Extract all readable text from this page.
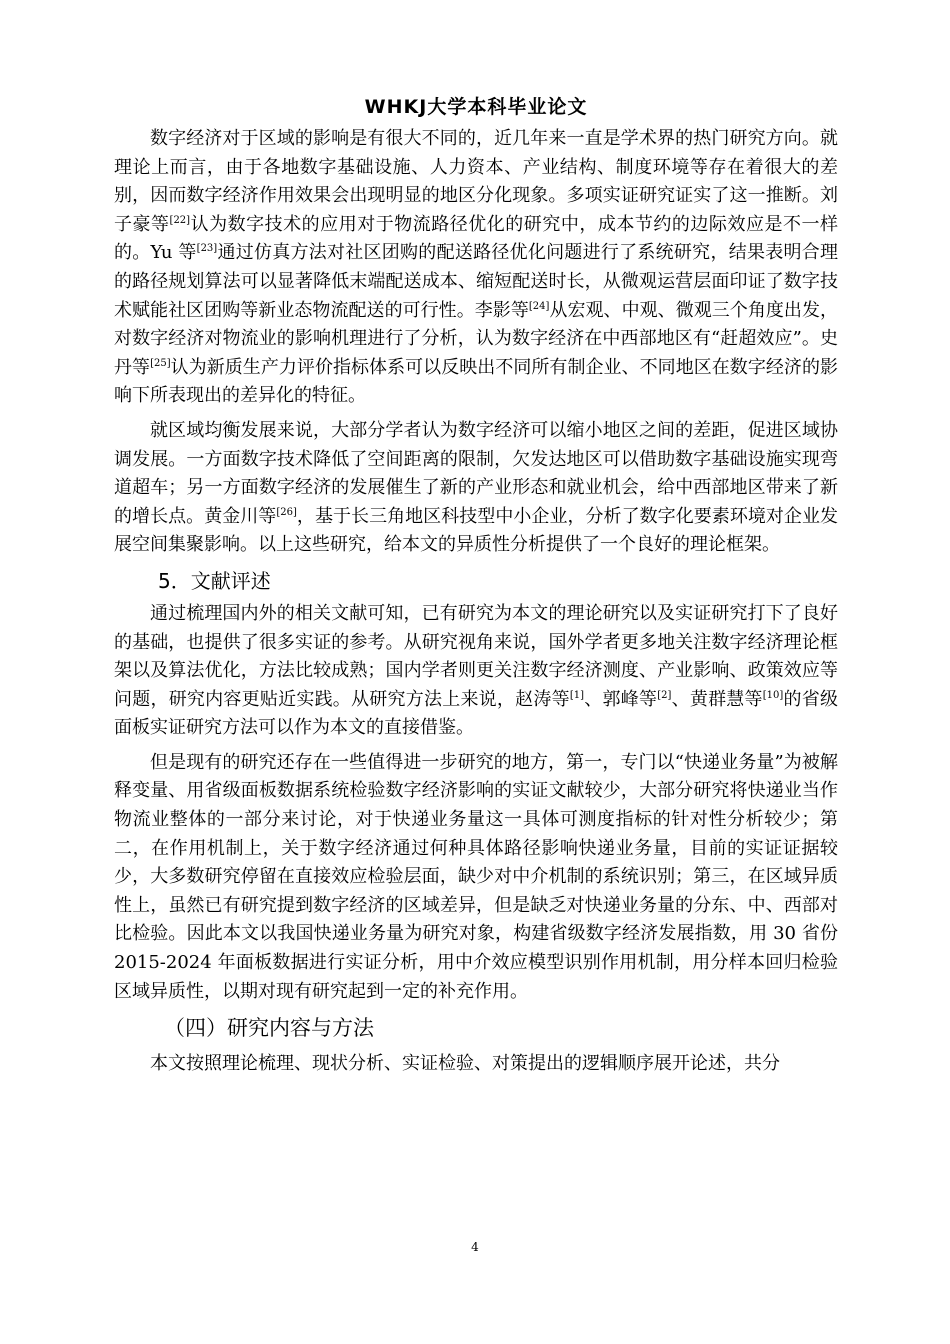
WHKJ大学本科毕业论文

数字经济对于区域的影响是有很大不同的，近几年来一直是学术界的热门研究方向。就理论上而言，由于各地数字基础设施、人力资本、产业结构、制度环境等存在着很大的差别，因而数字经济作用效果会出现明显的地区分化现象。多项实证研究证实了这一推断。刘子豪等[22]认为数字技术的应用对于物流路径优化的研究中，成本节约的边际效应是不一样的。Yu 等[23]通过仿真方法对社区团购的配送路径优化问题进行了系统研究，结果表明合理的路径规划算法可以显著降低末端配送成本、缩短配送时长，从微观运营层面印证了数字技术赋能社区团购等新业态物流配送的可行性。李影等[24]从宏观、中观、微观三个角度出发，对数字经济对物流业的影响机理进行了分析，认为数字经济在中西部地区有“赶超效应”。史丹等[25]认为新质生产力评价指标体系可以反映出不同所有制企业、不同地区在数字经济的影响下所表现出的差异化的特征。

就区域均衡发展来说，大部分学者认为数字经济可以缩小地区之间的差距，促进区域协调发展。一方面数字技术降低了空间距离的限制，欠发达地区可以借助数字基础设施实现弯道超车；另一方面数字经济的发展催生了新的产业形态和就业机会，给中西部地区带来了新的增长点。黄金川等[26]，基于长三角地区科技型中小企业，分析了数字化要素环境对企业发展空间集聚影响。以上这些研究，给本文的异质性分析提供了一个良好的理论框架。

5．文献评述

通过梳理国内外的相关文献可知，已有研究为本文的理论研究以及实证研究打下了良好的基础，也提供了很多实证的参考。从研究视角来说，国外学者更多地关注数字经济理论框架以及算法优化，方法比较成熟；国内学者则更关注数字经济测度、产业影响、政策效应等问题，研究内容更贴近实践。从研究方法上来说，赵涛等[1]、郭峰等[2]、黄群慧等[10]的省级面板实证研究方法可以作为本文的直接借鉴。

但是现有的研究还存在一些值得进一步研究的地方，第一，专门以“快递业务量”为被解释变量、用省级面板数据系统检验数字经济影响的实证文献较少，大部分研究将快递业当作物流业整体的一部分来讨论，对于快递业务量这一具体可测度指标的针对性分析较少；第二，在作用机制上，关于数字经济通过何种具体路径影响快递业务量，目前的实证证据较少，大多数研究停留在直接效应检验层面，缺少对中介机制的系统识别；第三，在区域异质性上，虽然已有研究提到数字经济的区域差异，但是缺乏对快递业务量的分东、中、西部对比检验。因此本文以我国快递业务量为研究对象，构建省级数字经济发展指数，用 30 省份 2015-2024 年面板数据进行实证分析，用中介效应模型识别作用机制，用分样本回归检验区域异质性，以期对现有研究起到一定的补充作用。

（四）研究内容与方法

本文按照理论梳理、现状分析、实证检验、对策提出的逻辑顺序展开论述，共分

4
